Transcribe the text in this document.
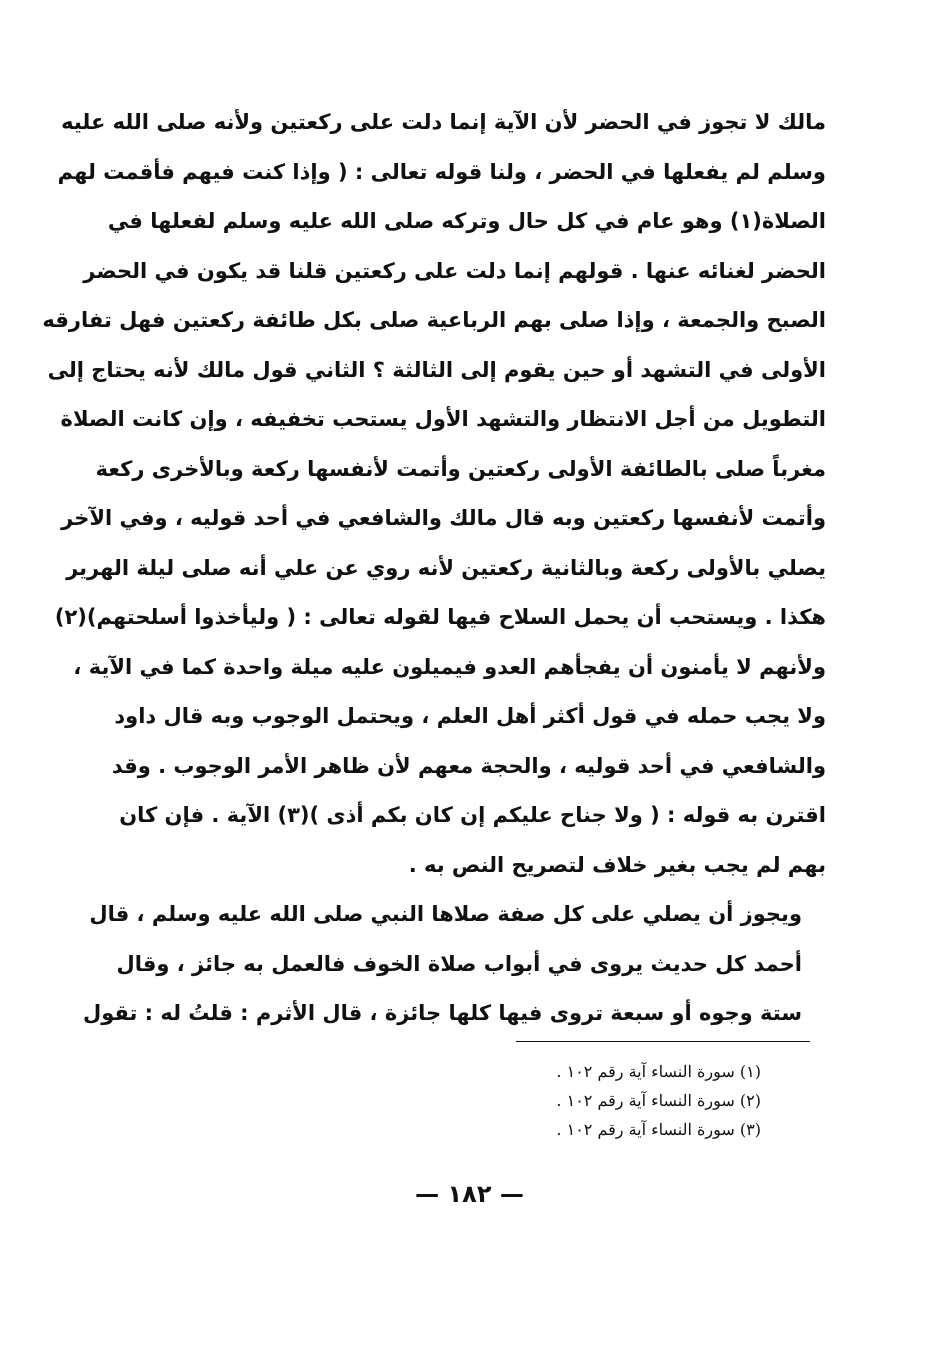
مالك لا تجوز في الحضر لأن الآية إنما دلت على ركعتين ولأنه صلى الله عليه
وسلم لم يفعلها في الحضر ، ولنا قوله تعالى : ( وإذا كنت فيهم فأقمت لهم
الصلاة(١) وهو عام في كل حال وتركه صلى الله عليه وسلم لفعلها في
الحضر لغنائه عنها . قولهم إنما دلت على ركعتين قلنا قد يكون في الحضر
الصبح والجمعة ، وإذا صلى بهم الرباعية صلى بكل طائفة ركعتين فهل تفارقه
الأولى في التشهد أو حين يقوم إلى الثالثة ؟ الثاني قول مالك لأنه يحتاج إلى
التطويل من أجل الانتظار والتشهد الأول يستحب تخفيفه ، وإن كانت الصلاة
مغرباً صلى بالطائفة الأولى ركعتين وأتمت لأنفسها ركعة وبالأخرى ركعة
وأتمت لأنفسها ركعتين وبه قال مالك والشافعي في أحد قوليه ، وفي الآخر
يصلي بالأولى ركعة وبالثانية ركعتين لأنه روي عن علي أنه صلى ليلة الهرير
هكذا . ويستحب أن يحمل السلاح فيها لقوله تعالى : ( وليأخذوا أسلحتهم)(٢)
ولأنهم لا يأمنون أن يفجأهم العدو فيميلون عليه ميلة واحدة كما في الآية ،
ولا يجب حمله في قول أكثر أهل العلم ، ويحتمل الوجوب وبه قال داود
والشافعي في أحد قوليه ، والحجة معهم لأن ظاهر الأمر الوجوب . وقد
اقترن به قوله : ( ولا جناح عليكم إن كان بكم أذى )(٣) الآية . فإن كان
بهم لم يجب بغير خلاف لتصريح النص به .

ويجوز أن يصلي على كل صفة صلاها النبي صلى الله عليه وسلم ، قال
أحمد كل حديث يروى في أبواب صلاة الخوف فالعمل به جائز ، وقال
ستة وجوه أو سبعة تروى فيها كلها جائزة ، قال الأثرم : قلتُ له : تقول

(١) سورة النساء آية رقم ١٠٢ .
(٢) سورة النساء آية رقم ١٠٢ .
(٣) سورة النساء آية رقم ١٠٢ .
— ١٨٢ —
